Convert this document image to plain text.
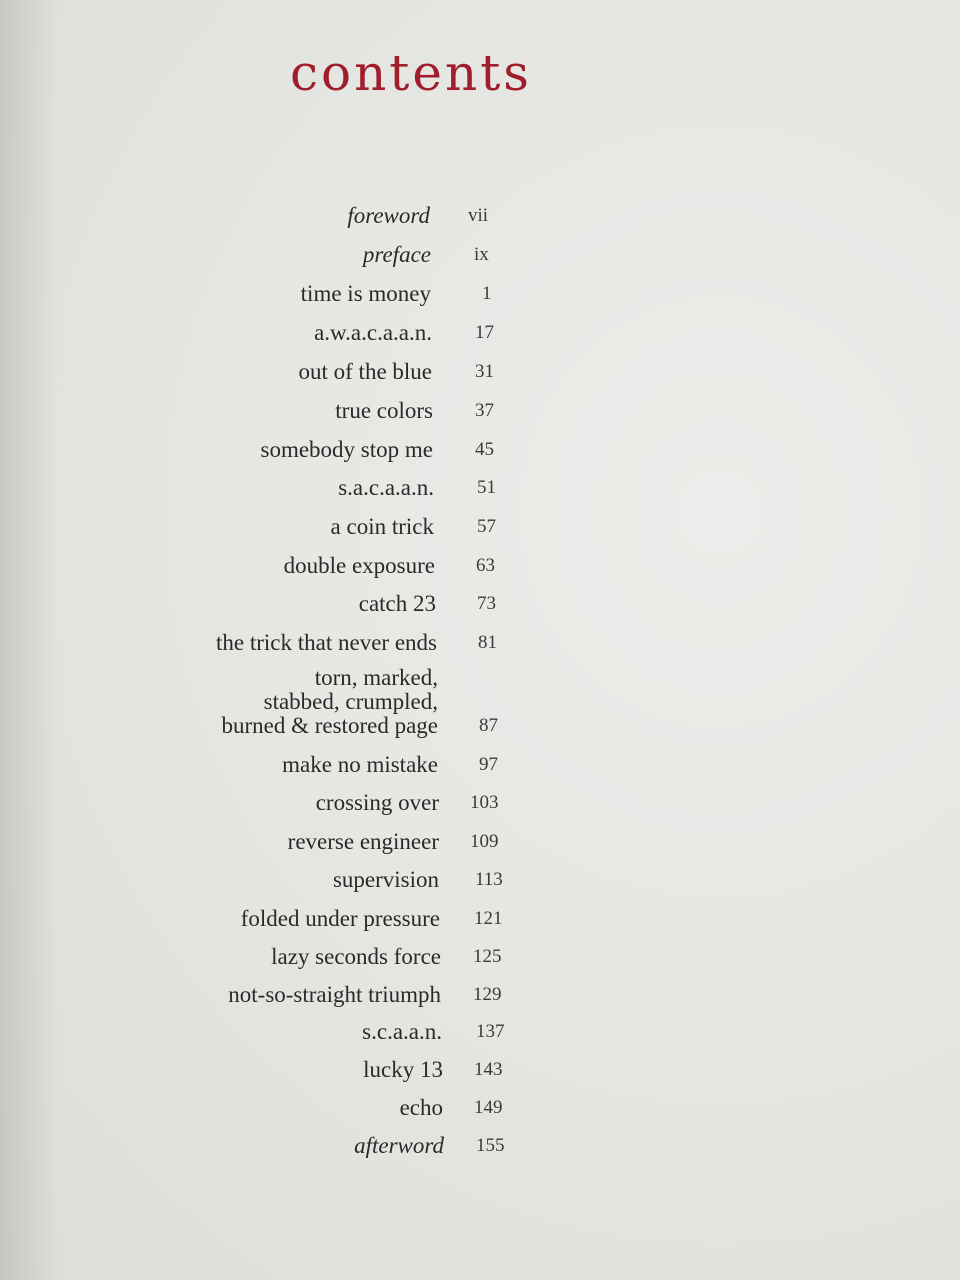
contents
foreword vii
preface ix
time is money	1
a.w.a.c.a.a.n. 17
out of the blue 31
true colors 37
somebody stop me 45
s.a.c.a.a.n. 51
a coin trick 57
double exposure 63
catch 23 73
the trick that never ends 81
torn, marked,
stabbed, crumpled,
burned & restored page 87
make no mistake 97
crossing over 103
reverse engineer 109
supervision 113
folded under pressure 121
lazy seconds force 125
not-so-straight triumph 129
s.c.a.a.n. 137
lucky 13 143
echo 149
afterword 155
